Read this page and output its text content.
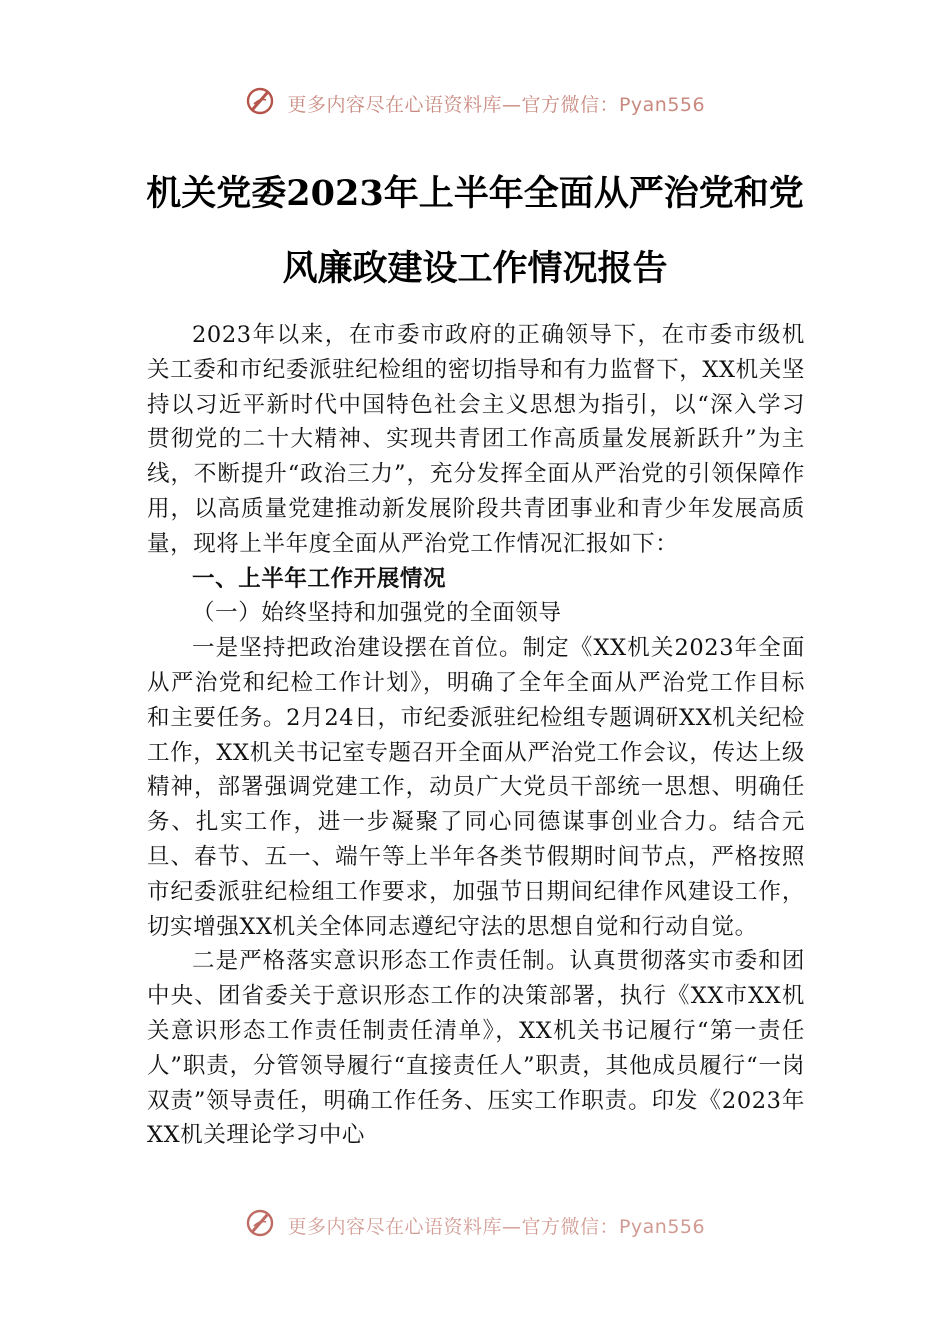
更多内容尽在心语资料库—官方微信：Pyan556
机关党委2023年上半年全面从严治党和党
风廉政建设工作情况报告

2023年以来，在市委市政府的正确领导下，在市委市级机关工委和市纪委派驻纪检组的密切指导和有力监督下，XX机关坚持以习近平新时代中国特色社会主义思想为指引，以“深入学习贯彻党的二十大精神、实现共青团工作高质量发展新跃升”为主线，不断提升“政治三力”，充分发挥全面从严治党的引领保障作用，以高质量党建推动新发展阶段共青团事业和青少年发展高质量，现将上半年度全面从严治党工作情况汇报如下：

一、上半年工作开展情况

（一）始终坚持和加强党的全面领导

一是坚持把政治建设摆在首位。制定《XX机关2023年全面从严治党和纪检工作计划》，明确了全年全面从严治党工作目标和主要任务。2月24日，市纪委派驻纪检组专题调研XX机关纪检工作，XX机关书记室专题召开全面从严治党工作会议，传达上级精神，部署强调党建工作，动员广大党员干部统一思想、明确任务、扎实工作，进一步凝聚了同心同德谋事创业合力。结合元旦、春节、五一、端午等上半年各类节假期时间节点，严格按照市纪委派驻纪检组工作要求，加强节日期间纪律作风建设工作，切实增强XX机关全体同志遵纪守法的思想自觉和行动自觉。

二是严格落实意识形态工作责任制。认真贯彻落实市委和团中央、团省委关于意识形态工作的决策部署，执行《XX市XX机关意识形态工作责任制责任清单》，XX机关书记履行“第一责任人”职责，分管领导履行“直接责任人”职责，其他成员履行“一岗双责”领导责任，明确工作任务、压实工作职责。印发《2023年XX机关理论学习中心

更多内容尽在心语资料库—官方微信：Pyan556
